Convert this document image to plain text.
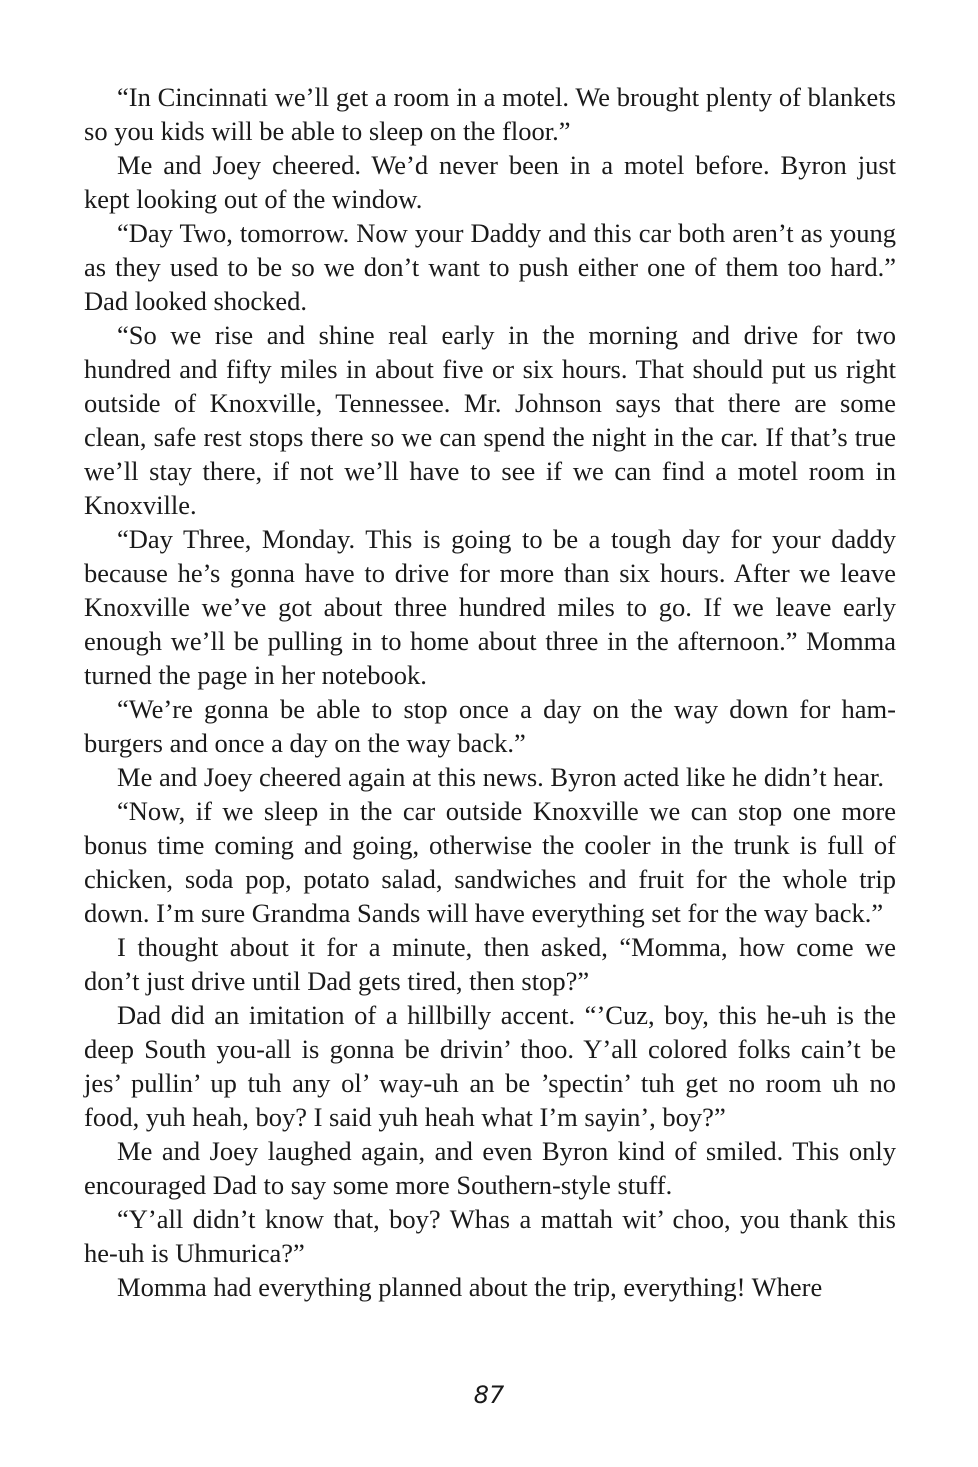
“In Cincinnati we’ll get a room in a motel. We brought plenty of blankets so you kids will be able to sleep on the floor.”

Me and Joey cheered. We’d never been in a motel before. Byron just kept looking out of the window.

“Day Two, tomorrow. Now your Daddy and this car both aren’t as young as they used to be so we don’t want to push either one of them too hard.” Dad looked shocked.

“So we rise and shine real early in the morning and drive for two hundred and fifty miles in about five or six hours. That should put us right outside of Knoxville, Tennessee. Mr. Johnson says that there are some clean, safe rest stops there so we can spend the night in the car. If that’s true we’ll stay there, if not we’ll have to see if we can find a motel room in Knoxville.

“Day Three, Monday. This is going to be a tough day for your daddy because he’s gonna have to drive for more than six hours. After we leave Knoxville we’ve got about three hundred miles to go. If we leave early enough we’ll be pulling in to home about three in the afternoon.” Momma turned the page in her notebook.

“We’re gonna be able to stop once a day on the way down for hamburgers and once a day on the way back.”

Me and Joey cheered again at this news. Byron acted like he didn’t hear.

“Now, if we sleep in the car outside Knoxville we can stop one more bonus time coming and going, otherwise the cooler in the trunk is full of chicken, soda pop, potato salad, sandwiches and fruit for the whole trip down. I’m sure Grandma Sands will have everything set for the way back.”

I thought about it for a minute, then asked, “Momma, how come we don’t just drive until Dad gets tired, then stop?”

Dad did an imitation of a hillbilly accent. “’Cuz, boy, this he-uh is the deep South you-all is gonna be drivin’ thoo. Y’all colored folks cain’t be jes’ pullin’ up tuh any ol’ way-uh an be ’spectin’ tuh get no room uh no food, yuh heah, boy? I said yuh heah what I’m sayin’, boy?”

Me and Joey laughed again, and even Byron kind of smiled. This only encouraged Dad to say some more Southern-style stuff.

“Y’all didn’t know that, boy? Whas a mattah wit’ choo, you thank this he-uh is Uhmurica?”

Momma had everything planned about the trip, everything! Where

87
